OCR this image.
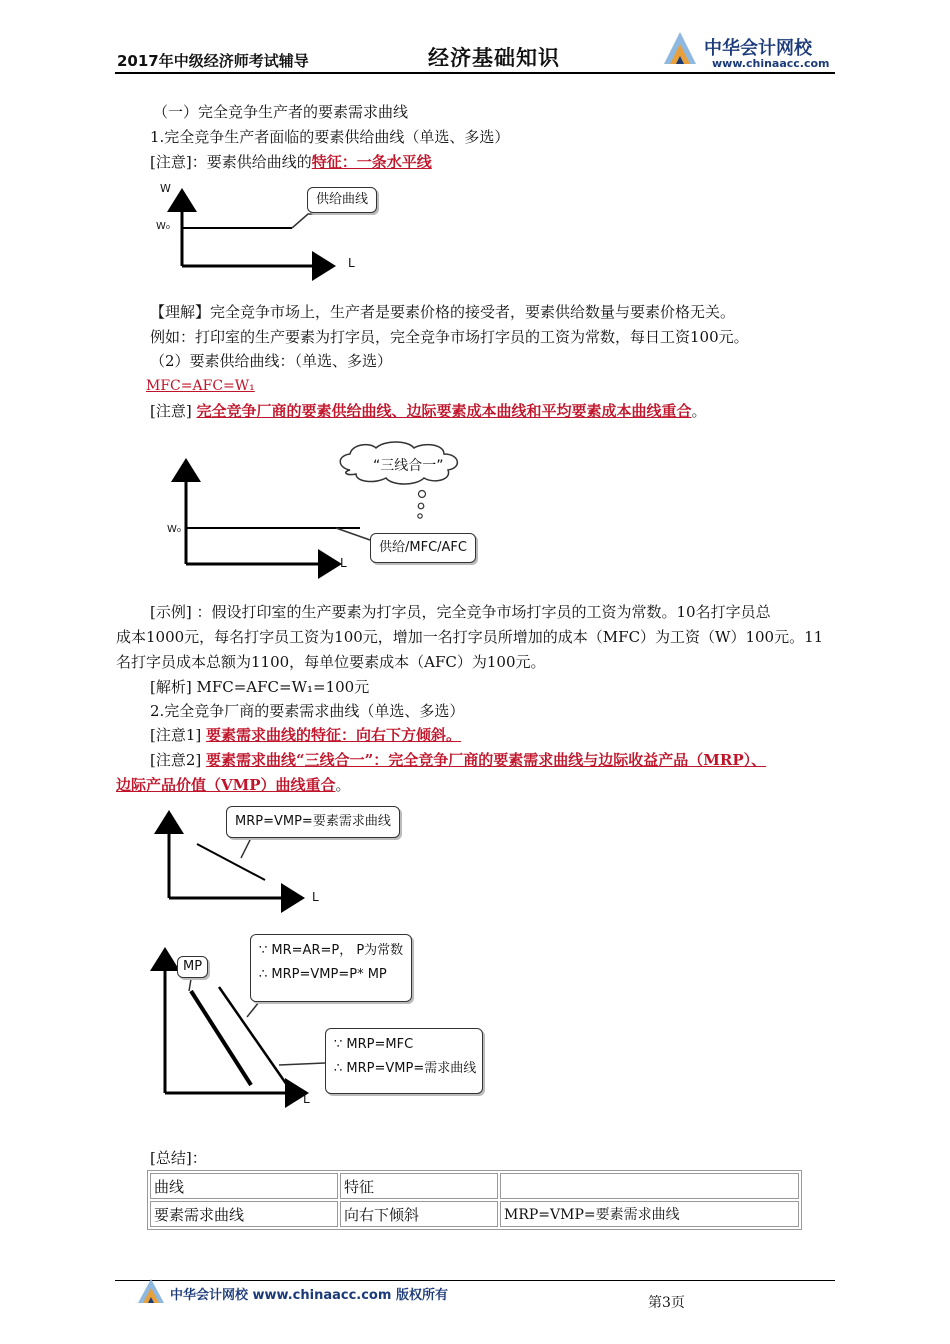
2017年中级经济师考试辅导	经济基础知识	中华会计网校
www.chinaacc.com
（一）完全竞争生产者的要素需求曲线
1.完全竞争生产者面临的要素供给曲线（单选、多选）
[注意]：要素供给曲线的特征：一条水平线
W
W₀
L
供给曲线
【理解】完全竞争市场上，生产者是要素价格的接受者，要素供给数量与要素价格无关。
例如：打印室的生产要素为打字员，完全竞争市场打字员的工资为常数，每日工资100元。
（2）要素供给曲线：（单选、多选）
MFC=AFC=W₁
[注意] 完全竞争厂商的要素供给曲线、边际要素成本曲线和平均要素成本曲线重合。
“三线合一”
W₀
L
供给/MFC/AFC
[示例] ：假设打印室的生产要素为打字员，完全竞争市场打字员的工资为常数。10名打字员总
成本1000元，每名打字员工资为100元，增加一名打字员所增加的成本（MFC）为工资（W）100元。11
名打字员成本总额为1100，每单位要素成本（AFC）为100元。
[解析] MFC=AFC=W₁=100元
2.完全竞争厂商的要素需求曲线（单选、多选）
[注意1] 要素需求曲线的特征：向右下方倾斜。
[注意2] 要素需求曲线“三线合一”：完全竞争厂商的要素需求曲线与边际收益产品（MRP）、
边际产品价值（VMP）曲线重合。
MRP=VMP=要素需求曲线
L
MP
∵ MR=AR=P， P为常数
∴ MRP=VMP=P* MP
∵ MRP=MFC
∴ MRP=VMP=需求曲线
L
[总结]：
曲线	特征	
要素需求曲线	向右下倾斜	MRP=VMP=要素需求曲线
中华会计网校 www.chinaacc.com 版权所有	第3页
